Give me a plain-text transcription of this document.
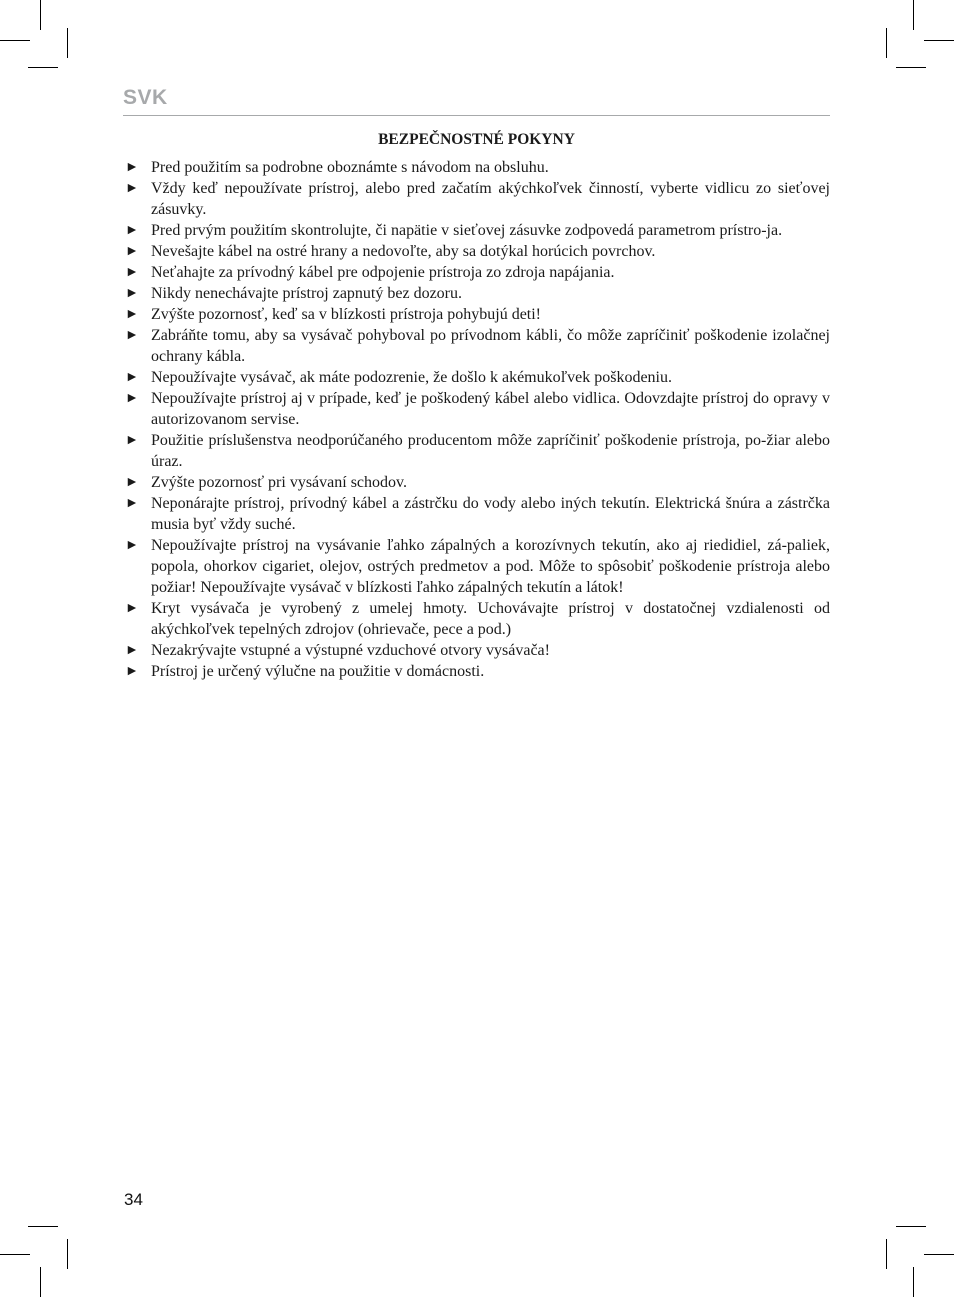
SVK
BEZPEČNOSTNÉ POKYNY
► Pred použitím sa podrobne oboznámte s návodom na obsluhu.
► Vždy keď nepoužívate prístroj, alebo pred začatím akýchkoľvek činností, vyberte vidlicu zo sieťovej zásuvky.
► Pred prvým použitím skontrolujte, či napätie v sieťovej zásuvke zodpovedá parametrom prístro-ja.
► Nevešajte kábel na ostré hrany a nedovoľte, aby sa dotýkal horúcich povrchov.
► Neťahajte za prívodný kábel pre odpojenie prístroja zo zdroja napájania.
► Nikdy nenechávajte prístroj zapnutý bez dozoru.
► Zvýšte pozornosť, keď sa v blízkosti prístroja pohybujú deti!
► Zabráňte tomu, aby sa vysávač pohyboval po prívodnom kábli, čo môže zapríčiniť poškodenie izolačnej ochrany kábla.
► Nepoužívajte vysávač, ak máte podozrenie, že došlo k akémukoľvek poškodeniu.
► Nepoužívajte prístroj aj v prípade, keď je poškodený kábel alebo vidlica. Odovzdajte prístroj do opravy v autorizovanom servise.
► Použitie príslušenstva neodporúčaného producentom môže zapríčiniť poškodenie prístroja, po-žiar alebo úraz.
► Zvýšte pozornosť pri vysávaní schodov.
► Neponárajte prístroj, prívodný kábel a zástrčku do vody alebo iných tekutín. Elektrická šnúra a zástrčka musia byť vždy suché.
► Nepoužívajte prístroj na vysávanie ľahko zápalných a korozívnych tekutín, ako aj riedidiel, zá-paliek, popola, ohorkov cigariet, olejov, ostrých predmetov a pod. Môže to spôsobiť poškodenie prístroja alebo požiar! Nepoužívajte vysávač v blízkosti ľahko zápalných tekutín a látok!
► Kryt vysávača je vyrobený z umelej hmoty. Uchovávajte prístroj v dostatočnej vzdialenosti od akýchkoľvek tepelných zdrojov (ohrievače, pece a pod.)
► Nezakrývajte vstupné a výstupné vzduchové otvory vysávača!
► Prístroj je určený výlučne na použitie v domácnosti.
34
